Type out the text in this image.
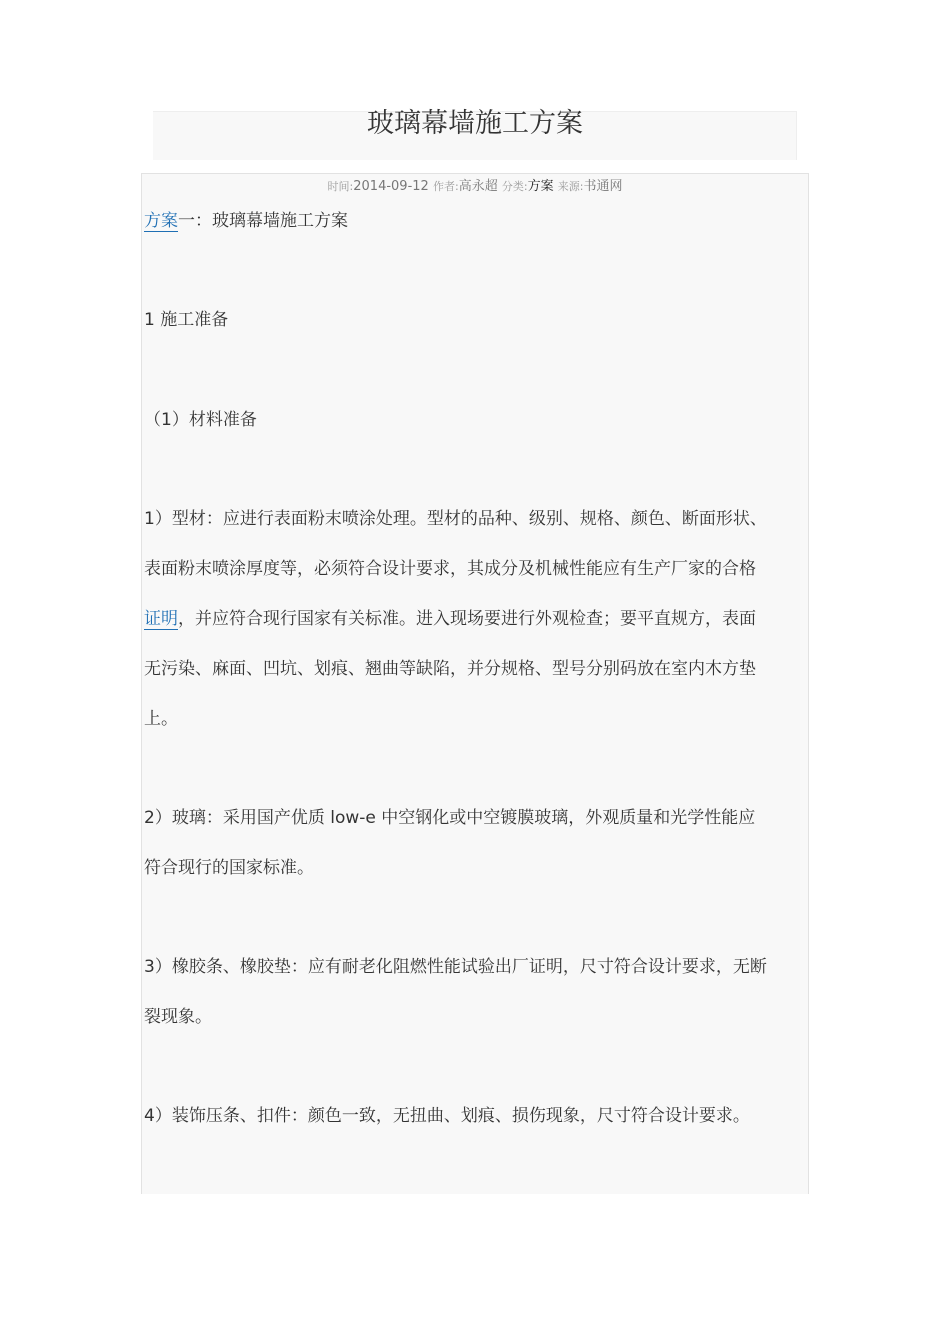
玻璃幕墙施工方案
时间:2014-09-12 作者:高永超 分类:方案 来源:书通网

方案一：玻璃幕墙施工方案

1 施工准备

（1）材料准备

1）型材：应进行表面粉末喷涂处理。型材的品种、级别、规格、颜色、断面形状、
表面粉末喷涂厚度等，必须符合设计要求，其成分及机械性能应有生产厂家的合格
证明，并应符合现行国家有关标准。进入现场要进行外观检查；要平直规方，表面
无污染、麻面、凹坑、划痕、翘曲等缺陷，并分规格、型号分别码放在室内木方垫
上。
2）玻璃：采用国产优质 low-e 中空钢化或中空镀膜玻璃，外观质量和光学性能应
符合现行的国家标准。
3）橡胶条、橡胶垫：应有耐老化阻燃性能试验出厂证明，尺寸符合设计要求，无断
裂现象。
4）装饰压条、扣件：颜色一致，无扭曲、划痕、损伤现象，尺寸符合设计要求。
